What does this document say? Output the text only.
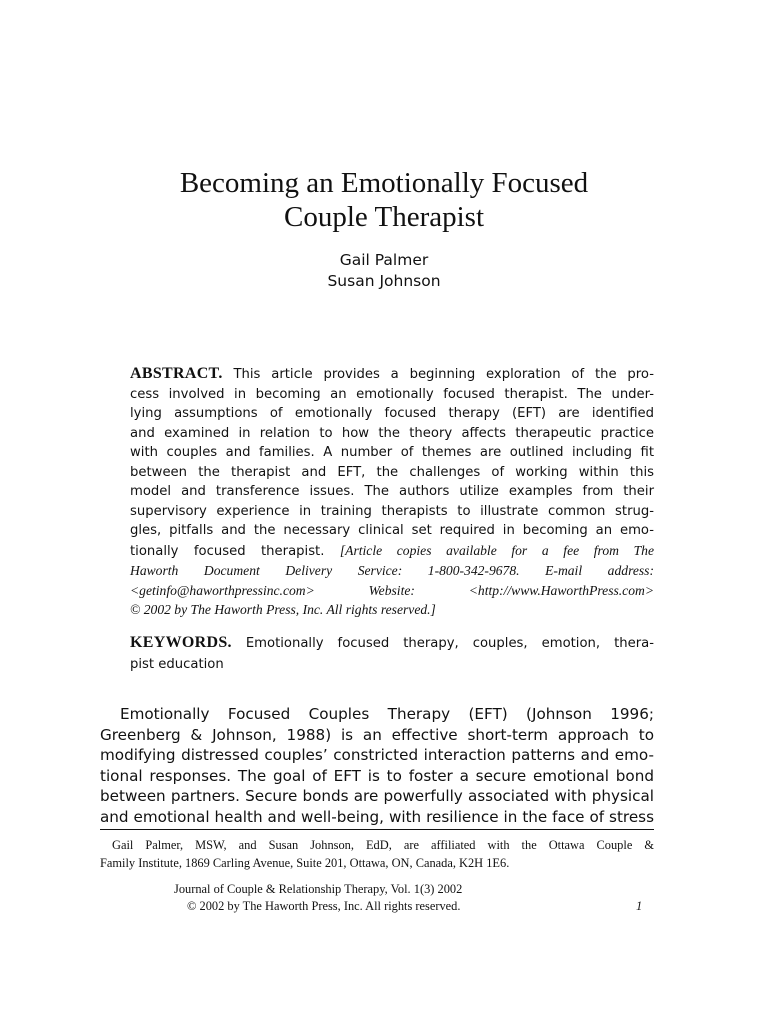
Becoming an Emotionally Focused
Couple Therapist
Gail Palmer
Susan Johnson
ABSTRACT. This article provides a beginning exploration of the pro-
cess involved in becoming an emotionally focused therapist. The under-
lying assumptions of emotionally focused therapy (EFT) are identified
and examined in relation to how the theory affects therapeutic practice
with couples and families. A number of themes are outlined including fit
between the therapist and EFT, the challenges of working within this
model and transference issues. The authors utilize examples from their
supervisory experience in training therapists to illustrate common strug-
gles, pitfalls and the necessary clinical set required in becoming an emo-
tionally focused therapist. [Article copies available for a fee from The
Haworth Document Delivery Service: 1-800-342-9678. E-mail address:
<getinfo@haworthpressinc.com> Website: <http://www.HaworthPress.com>
© 2002 by The Haworth Press, Inc. All rights reserved.]
KEYWORDS. Emotionally focused therapy, couples, emotion, thera-
pist education
Emotionally Focused Couples Therapy (EFT) (Johnson 1996;
Greenberg & Johnson, 1988) is an effective short-term approach to
modifying distressed couples’ constricted interaction patterns and emo-
tional responses. The goal of EFT is to foster a secure emotional bond
between partners. Secure bonds are powerfully associated with physical
and emotional health and well-being, with resilience in the face of stress
Gail Palmer, MSW, and Susan Johnson, EdD, are affiliated with the Ottawa Couple &
Family Institute, 1869 Carling Avenue, Suite 201, Ottawa, ON, Canada, K2H 1E6.
Journal of Couple & Relationship Therapy, Vol. 1(3) 2002
© 2002 by The Haworth Press, Inc. All rights reserved.	1
